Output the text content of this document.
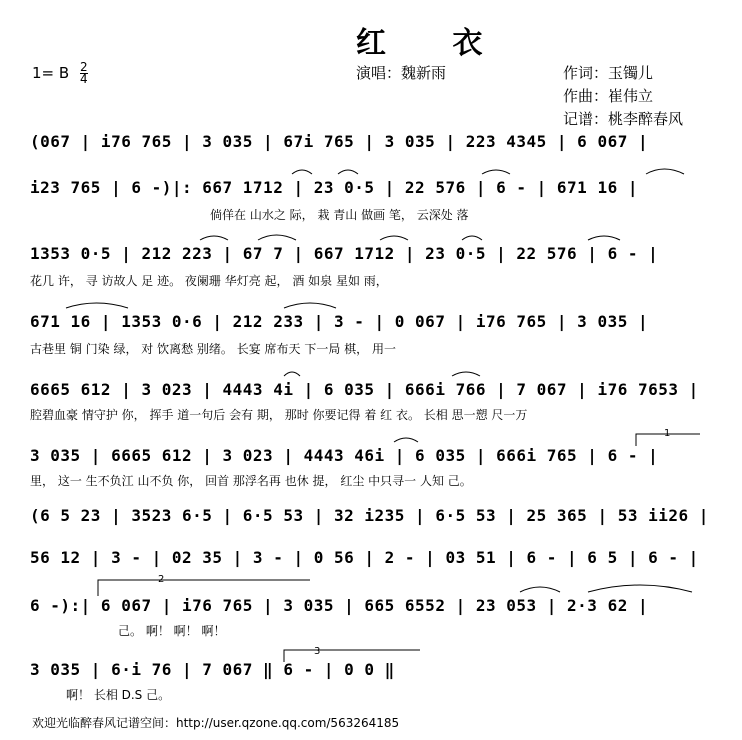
红 衣
1= B $\frac{2}{4}$	演唱：魏新雨	作词：玉镯儿
作曲：崔伟立
记谱：桃李醉春风
(067 | i76 765 | 3 035 | 67i 765 | 3 035 | 223 4345 | 6 067 |
i23 765 | 6 -)|: 667 1712 | 23 0·5 | 22 576 | 6 - | 671 16 |
倘佯在 山水之 际， 栽 青山 做画 笔， 云深处 落
1353 0·5 | 212 223 | 67 7 | 667 1712 | 23 0·5 | 22 576 | 6 - |
花几 许， 寻 访故人 足 迹。 夜阑珊 华灯亮 起， 酒 如泉 星如 雨，
671 16 | 1353 0·6 | 212 233 | 3 - | 0 067 | i76 765 | 3 035 |
古巷里 铜 门染 绿， 对 饮离愁 别绪。 长宴 席布天 下一局 棋， 用一
6665 612 | 3 023 | 4443 4i | 6 035 | 666i 766 | 7 067 | i76 7653 |
腔碧血豪 情守护 你， 挥手 道一句后 会有 期， 那时 你要记得 着 红 衣。 长相 思一愬 尺一万
3 035 | 6665 612 | 3 023 | 4443 46i | 6 035 | 666i 765 | 6 - |
里， 这一 生不负江 山不负 你， 回首 那浮名再 也休 提， 红尘 中只寻一 人知 己。
(6 5 23 | 3523 6·5 | 6·5 53 | 32 i235 | 6·5 53 | 25 365 | 53 ii26 |
56 12 | 3 - | 02 35 | 3 - | 0 56 | 2 - | 03 51 | 6 - | 6 5 | 6 - |
6 -):| 6 067 | i76 765 | 3 035 | 665 6552 | 23 053 | 2·3 62 |
己。 啊！ 啊！ 啊！
3 035 | 6·i 76 | 7 067 ‖ 6 - | 0 0 ‖
啊！ 长相 D.S 己。
1
2
3
欢迎光临醉春风记谱空间：http://user.qzone.qq.com/563264185
